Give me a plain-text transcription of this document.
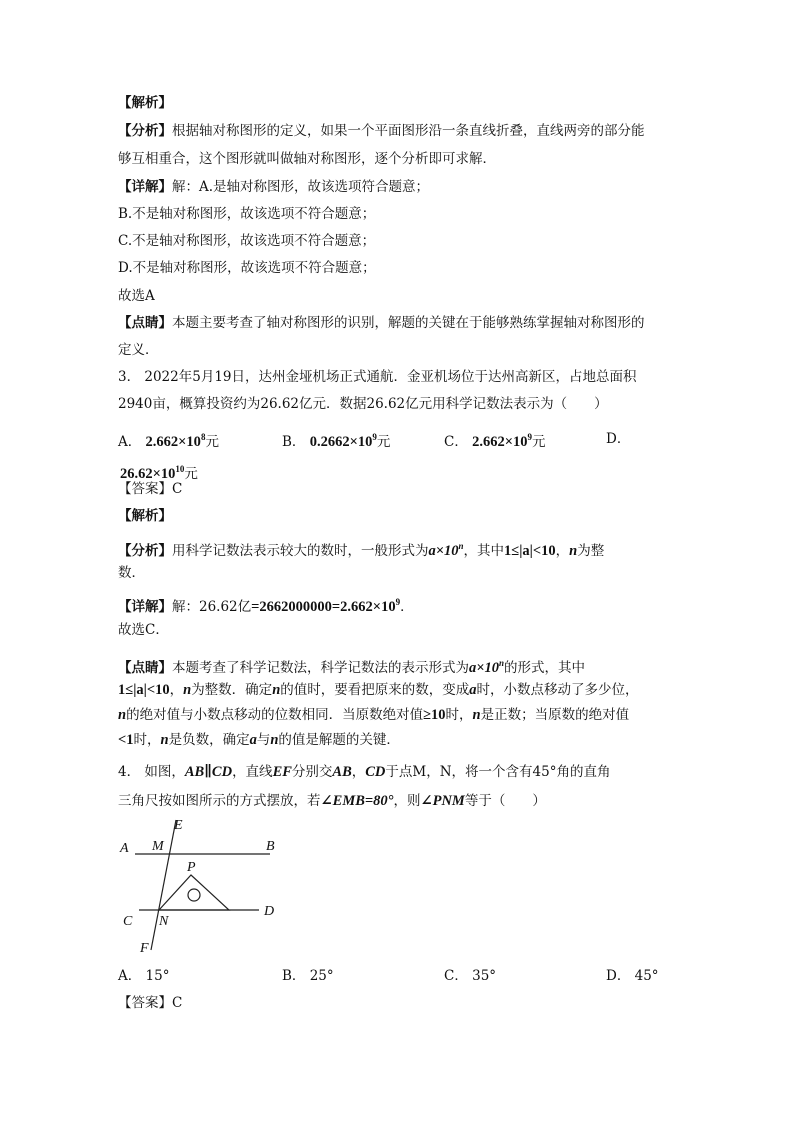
【解析】
【分析】根据轴对称图形的定义，如果一个平面图形沿一条直线折叠，直线两旁的部分能
够互相重合，这个图形就叫做轴对称图形，逐个分析即可求解．
【详解】解：A.是轴对称图形，故该选项符合题意；
B.不是轴对称图形，故该选项不符合题意；
C.不是轴对称图形，故该选项不符合题意；
D.不是轴对称图形，故该选项不符合题意；
故选A
【点睛】本题主要考查了轴对称图形的识别，解题的关键在于能够熟练掌握轴对称图形的
定义．
3． 2022年5月19日，达州金垭机场正式通航．金亚机场位于达州高新区，占地总面积
2940亩，概算投资约为26.62亿元．数据26.62亿元用科学记数法表示为（　　）
A． $2.662\times 10^8$元	B． $0.2662\times 10^9$元	C． $2.662\times 10^9$元	D．
$26.62\times 10^{10}$元
【答案】C
【解析】
【分析】用科学记数法表示较大的数时，一般形式为$a\times 10^n$，其中1≤|a|<10，n为整
数．
【详解】解：26.62亿$=2662000000=2.662\times 10^9$．
故选C．
【点睛】本题考查了科学记数法，科学记数法的表示形式为$a\times 10^n$的形式，其中
1≤|a|<10，n为整数．确定n的值时，要看把原来的数，变成a时，小数点移动了多少位，
n的绝对值与小数点移动的位数相同．当原数绝对值≥10时，n是正数；当原数的绝对值
<1时，n是负数，确定a与n的值是解题的关键．
4． 如图，AB∥CD，直线EF分别交AB，CD于点M，N，将一个含有45°角的直角
三角尺按如图所示的方式摆放，若∠EMB=80°，则∠PNM等于（　　）
A	B
C
D
E
F
M
N
P
A． 15°	B． 25°	C． 35°	D． 45°
【答案】C
